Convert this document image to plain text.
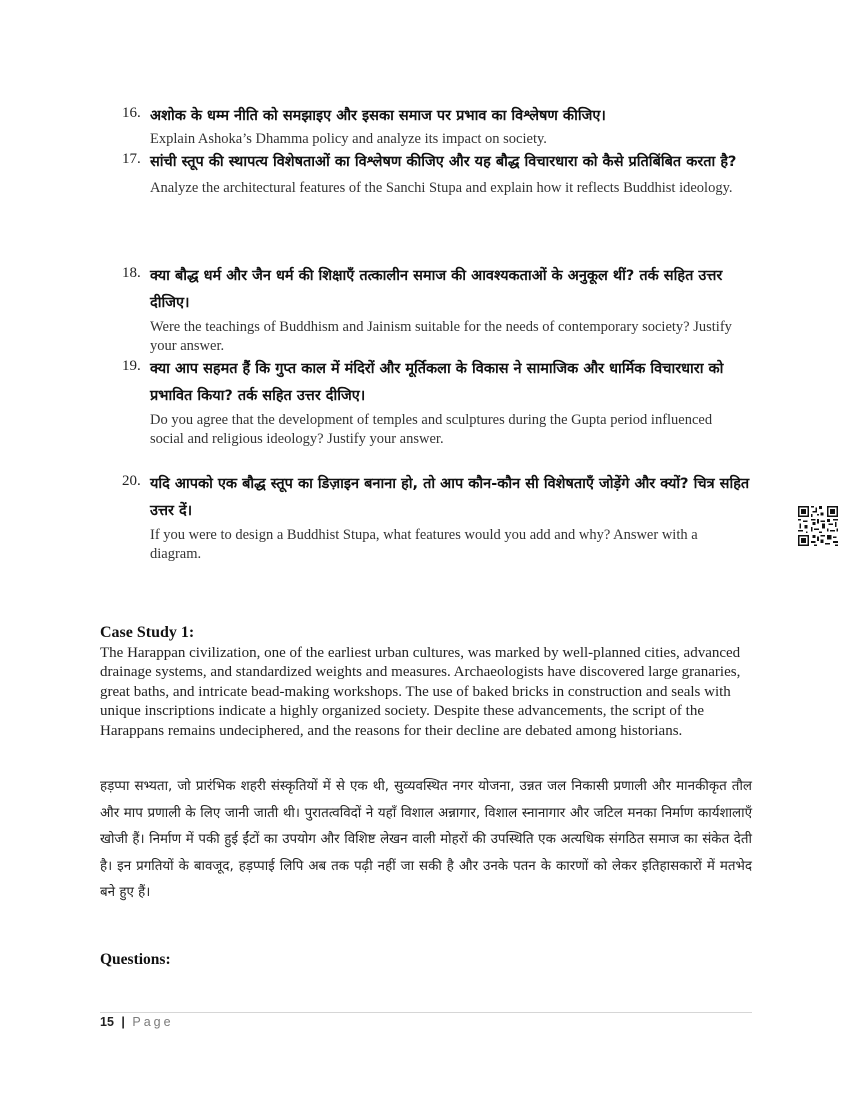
16. अशोक के धम्म नीति को समझाइए और इसका समाज पर प्रभाव का विश्लेषण कीजिए।
Explain Ashoka’s Dhamma policy and analyze its impact on society.
17. सांची स्तूप की स्थापत्य विशेषताओं का विश्लेषण कीजिए और यह बौद्ध विचारधारा को कैसे प्रतिबिंबित करता है?
Analyze the architectural features of the Sanchi Stupa and explain how it reflects Buddhist ideology.
18. क्या बौद्ध धर्म और जैन धर्म की शिक्षाएँ तत्कालीन समाज की आवश्यकताओं के अनुकूल थीं? तर्क सहित उत्तर दीजिए।
Were the teachings of Buddhism and Jainism suitable for the needs of contemporary society? Justify your answer.
19. क्या आप सहमत हैं कि गुप्त काल में मंदिरों और मूर्तिकला के विकास ने सामाजिक और धार्मिक विचारधारा को प्रभावित किया? तर्क सहित उत्तर दीजिए।
Do you agree that the development of temples and sculptures during the Gupta period influenced social and religious ideology? Justify your answer.
20. यदि आपको एक बौद्ध स्तूप का डिज़ाइन बनाना हो, तो आप कौन-कौन सी विशेषताएँ जोड़ेंगे और क्यों? चित्र सहित उत्तर दें।
If you were to design a Buddhist Stupa, what features would you add and why? Answer with a diagram.
Case Study 1:
The Harappan civilization, one of the earliest urban cultures, was marked by well-planned cities, advanced drainage systems, and standardized weights and measures. Archaeologists have discovered large granaries, great baths, and intricate bead-making workshops. The use of baked bricks in construction and seals with unique inscriptions indicate a highly organized society. Despite these advancements, the script of the Harappans remains undeciphered, and the reasons for their decline are debated among historians.
हड़प्पा सभ्यता, जो प्रारंभिक शहरी संस्कृतियों में से एक थी, सुव्यवस्थित नगर योजना, उन्नत जल निकासी प्रणाली और मानकीकृत तौल और माप प्रणाली के लिए जानी जाती थी। पुरातत्वविदों ने यहाँ विशाल अन्नागार, विशाल स्नानागार और जटिल मनका निर्माण कार्यशालाएँ खोजी हैं। निर्माण में पकी हुई ईंटों का उपयोग और विशिष्ट लेखन वाली मोहरों की उपस्थिति एक अत्यधिक संगठित समाज का संकेत देती है। इन प्रगतियों के बावजूद, हड़प्पाई लिपि अब तक पढ़ी नहीं जा सकी है और उनके पतन के कारणों को लेकर इतिहासकारों में मतभेद बने हुए हैं।
Questions:
15 | Page
